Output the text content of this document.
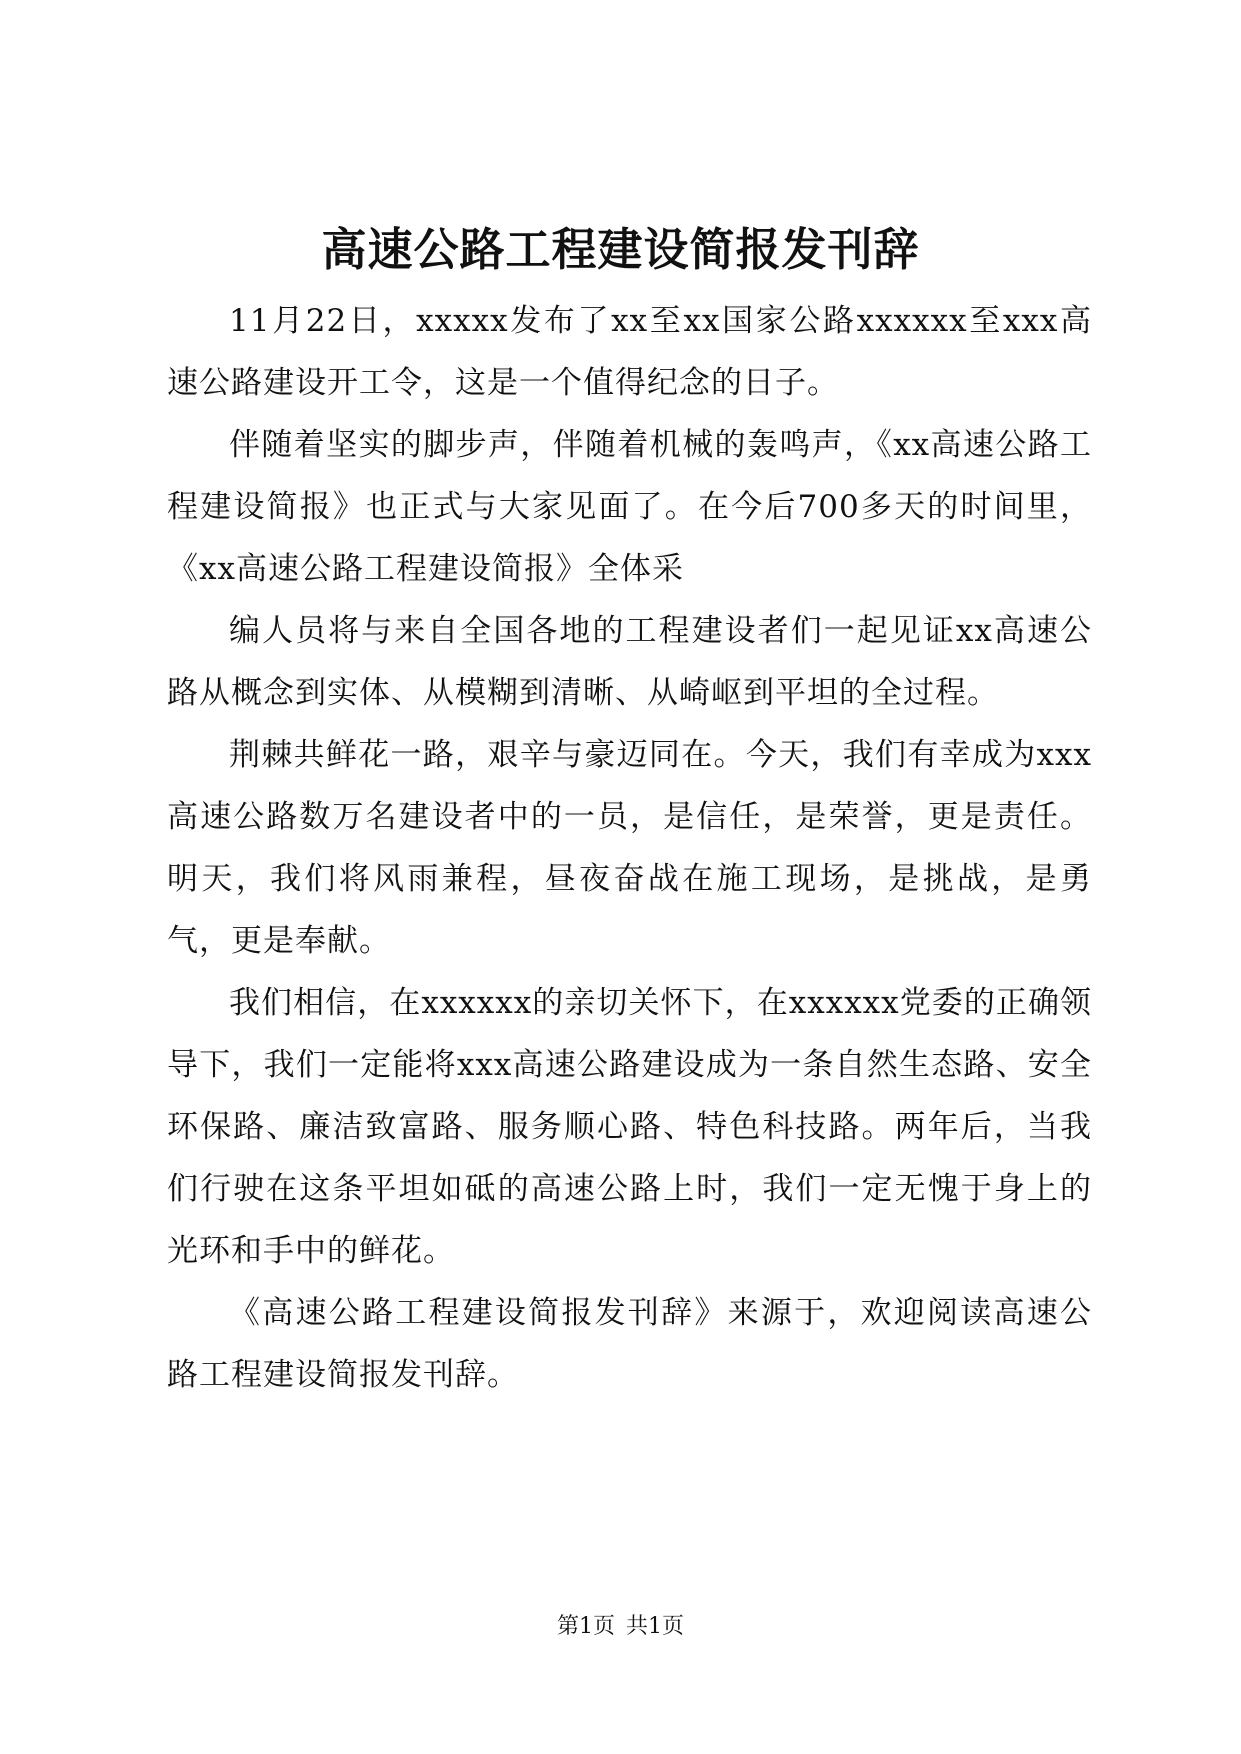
高速公路工程建设简报发刊辞

11月22日，xxxxx发布了xx至xx国家公路xxxxxx至xxx高速公路建设开工令，这是一个值得纪念的日子。

伴随着坚实的脚步声，伴随着机械的轰鸣声，《xx高速公路工程建设简报》也正式与大家见面了。在今后700多天的时间里，《xx高速公路工程建设简报》全体采

编人员将与来自全国各地的工程建设者们一起见证xx高速公路从概念到实体、从模糊到清晰、从崎岖到平坦的全过程。

荆棘共鲜花一路，艰辛与豪迈同在。今天，我们有幸成为xxx高速公路数万名建设者中的一员，是信任，是荣誉，更是责任。明天，我们将风雨兼程，昼夜奋战在施工现场，是挑战，是勇气，更是奉献。

我们相信，在xxxxxx的亲切关怀下，在xxxxxx党委的正确领导下，我们一定能将xxx高速公路建设成为一条自然生态路、安全环保路、廉洁致富路、服务顺心路、特色科技路。两年后，当我们行驶在这条平坦如砥的高速公路上时，我们一定无愧于身上的光环和手中的鲜花。

《高速公路工程建设简报发刊辞》来源于，欢迎阅读高速公路工程建设简报发刊辞。

第1页 共1页
